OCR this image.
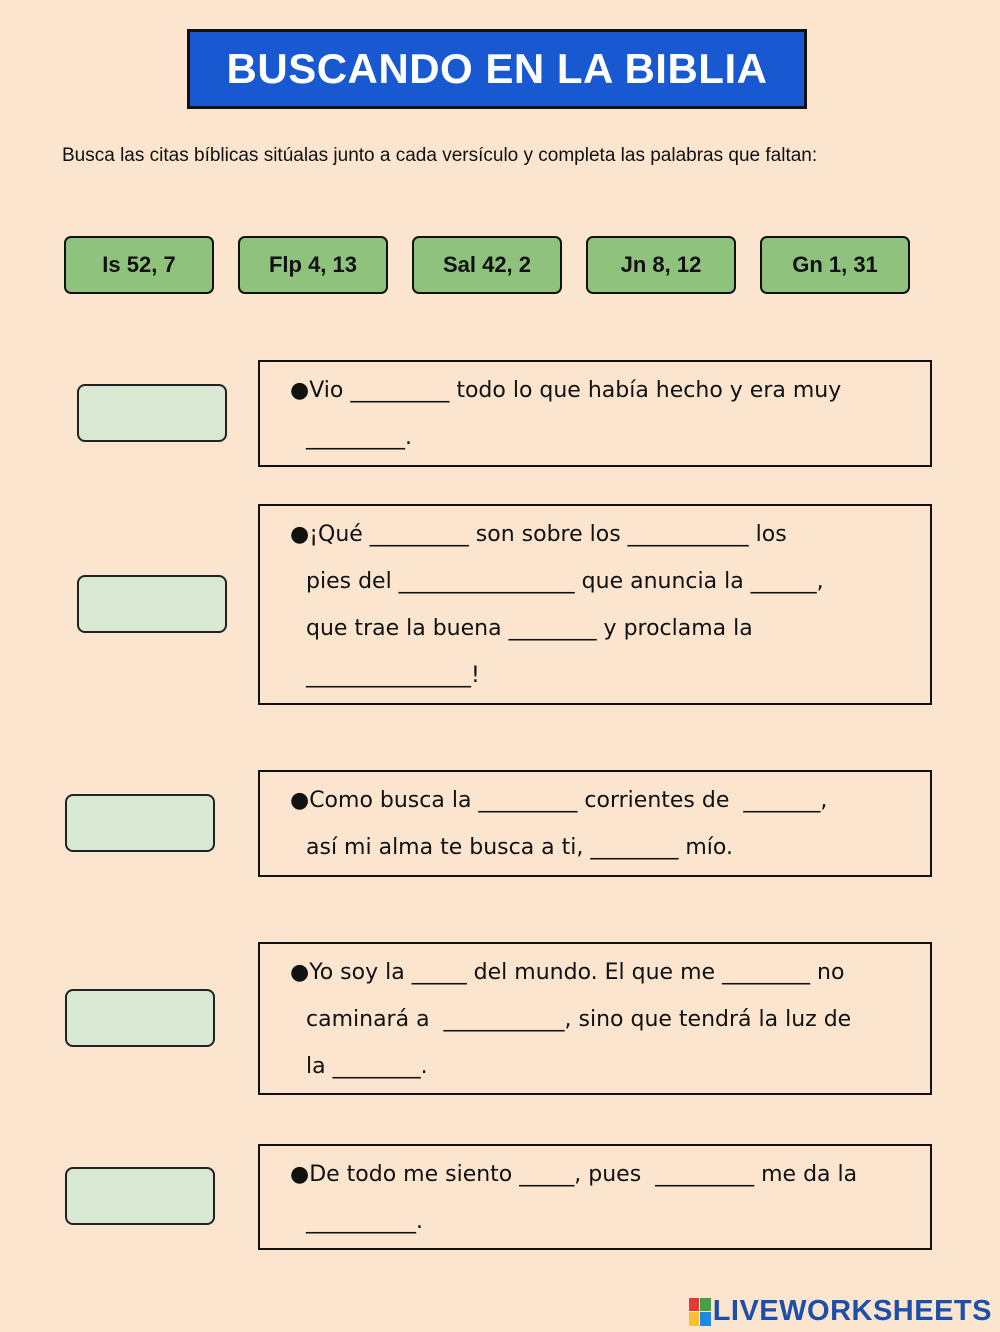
BUSCANDO EN LA BIBLIA
Busca las citas bíblicas sitúalas junto a cada versículo y completa las palabras que faltan:
Is 52, 7	Flp 4, 13	Sal 42, 2	Jn 8, 12	Gn 1, 31
●Vio _________ todo lo que había hecho y era muy
_________.
●¡Qué _________ son sobre los ___________ los
pies del ________________ que anuncia la ______,
que trae la buena ________ y proclama la
_______________!
●Como busca la _________ corrientes de  _______,
así mi alma te busca a ti, ________ mío.
●Yo soy la _____ del mundo. El que me ________ no
caminará a  ___________, sino que tendrá la luz de
la ________.
●De todo me siento _____, pues  _________ me da la
__________.
LIVEWORKSHEETS
